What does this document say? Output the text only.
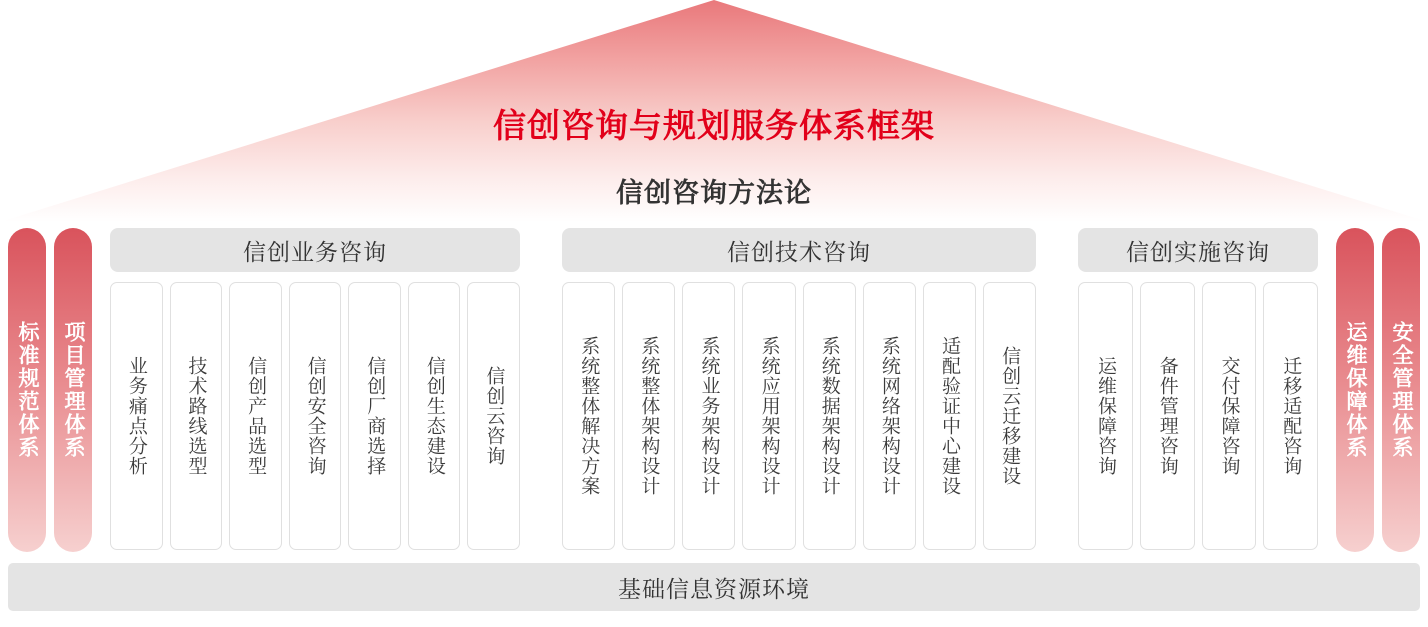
信创咨询与规划服务体系框架
信创咨询方法论
标准规范体系 项目管理体系	运维保障体系 安全管理体系
信创业务咨询
业务痛点分析 技术路线选型 信创产品选型 信创安全咨询 信创厂商选择 信创生态建设 信创云咨询
信创技术咨询
系统整体解决方案 系统整体架构设计 系统业务架构设计 系统应用架构设计 系统数据架构设计 系统网络架构设计 适配验证中心建设 信创云迁移建设
信创实施咨询
运维保障咨询 备件管理咨询 交付保障咨询 迁移适配咨询
基础信息资源环境
